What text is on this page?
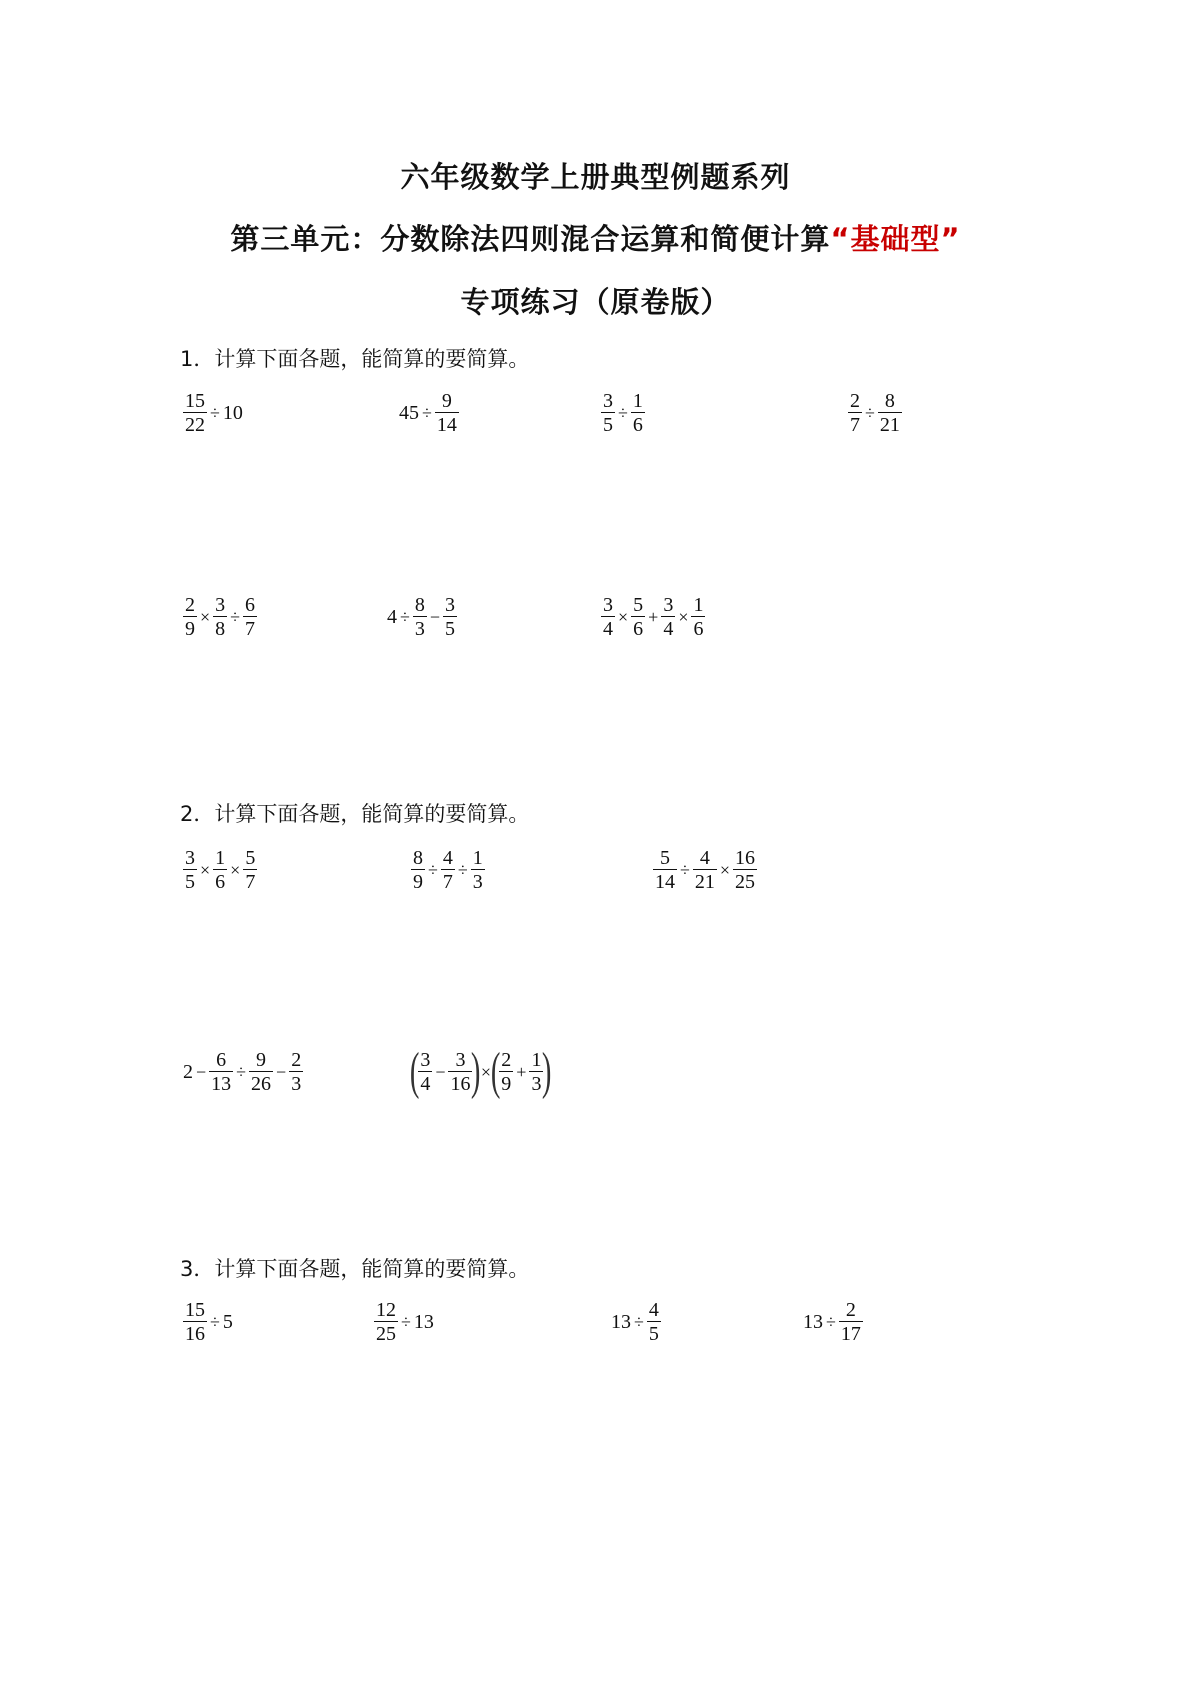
六年级数学上册典型例题系列
第三单元：分数除法四则混合运算和简便计算“基础型”
专项练习（原卷版）
1．计算下面各题，能简算的要简算。
2．计算下面各题，能简算的要简算。
3．计算下面各题，能简算的要简算。
$\frac{15}{22} \div 10$	$45 \div \frac{9}{14}$	$\frac{3}{5} \div \frac{1}{6}$	$\frac{2}{7} \div \frac{8}{21}$
$\frac{2}{9} \times \frac{3}{8} \div \frac{6}{7}$	$4 \div \frac{8}{3} - \frac{3}{5}$	$\frac{3}{4} \times \frac{5}{6} + \frac{3}{4} \times \frac{1}{6}$
$\frac{3}{5} \times \frac{1}{6} \times \frac{5}{7}$	$\frac{8}{9} \div \frac{4}{7} \div \frac{1}{3}$	$\frac{5}{14} \div \frac{4}{21} \times \frac{16}{25}$
$2 - \frac{6}{13} \div \frac{9}{26} - \frac{2}{3}$ (
$\frac{3}{4} - \frac{3}{16}$
) × (
$\frac{2}{9} + \frac{1}{3}$
)
$\frac{15}{16} \div 5$	$\frac{12}{25} \div 13$	$13 \div \frac{4}{5}$	$13 \div \frac{2}{17}$
